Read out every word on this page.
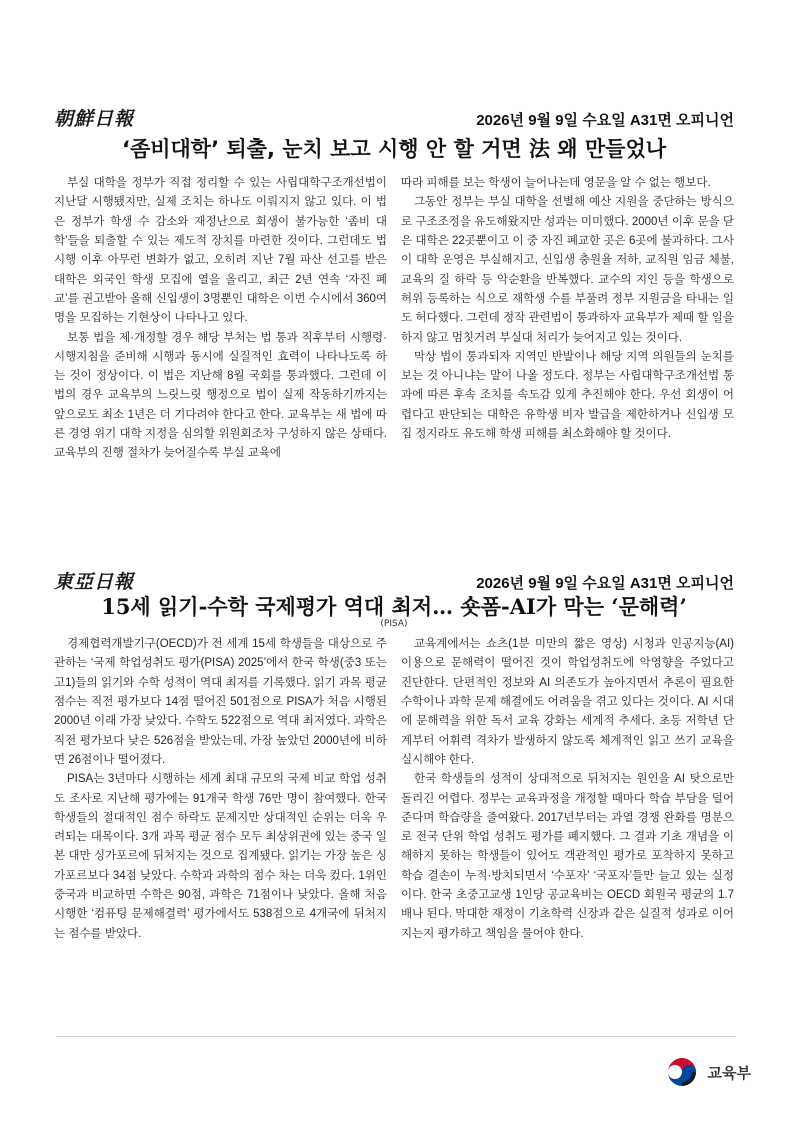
朝鮮日報	2026년 9월 9일 수요일 A31면 오피니언
‘좀비대학’ 퇴출, 눈치 보고 시행 안 할 거면 法 왜 만들었나

부실 대학을 정부가 직접 정리할 수 있는 사립대학구조개선법이 지난달 시행됐지만, 실제 조치는 하나도 이뤄지지 않고 있다. 이 법은 정부가 학생 수 감소와 재정난으로 회생이 불가능한 ‘좀비 대학’들을 퇴출할 수 있는 제도적 장치를 마련한 것이다. 그런데도 법 시행 이후 아무런 변화가 없고, 오히려 지난 7월 파산 선고를 받은 대학은 외국인 학생 모집에 열을 올리고, 최근 2년 연속 ‘자진 폐교’를 권고받아 올해 신입생이 3명뿐인 대학은 이번 수시에서 360여 명을 모집하는 기현상이 나타나고 있다.

보통 법을 제·개정할 경우 해당 부처는 법 통과 직후부터 시행령·시행지침을 준비해 시행과 동시에 실질적인 효력이 나타나도록 하는 것이 정상이다. 이 법은 지난해 8월 국회를 통과했다. 그런데 이 법의 경우 교육부의 느릿느릿 행정으로 법이 실제 작동하기까지는 앞으로도 최소 1년은 더 기다려야 한다고 한다. 교육부는 새 법에 따른 경영 위기 대학 지정을 심의할 위원회조차 구성하지 않은 상태다. 교육부의 진행 절차가 늦어질수록 부실 교육에

따라 피해를 보는 학생이 늘어나는데 영문을 알 수 없는 행보다.

그동안 정부는 부실 대학을 선별해 예산 지원을 중단하는 방식으로 구조조정을 유도해왔지만 성과는 미미했다. 2000년 이후 문을 닫은 대학은 22곳뿐이고 이 중 자진 폐교한 곳은 6곳에 불과하다. 그사이 대학 운영은 부실해지고, 신입생 충원율 저하, 교직원 임금 체불, 교육의 질 하락 등 악순환을 반복했다. 교수의 지인 등을 학생으로 허위 등록하는 식으로 재학생 수를 부풀려 정부 지원금을 타내는 일도 허다했다. 그런데 정작 관련법이 통과하자 교육부가 제때 할 일을 하지 않고 멈칫거려 부실대 처리가 늦어지고 있는 것이다.

막상 법이 통과되자 지역민 반발이나 해당 지역 의원들의 눈치를 보는 것 아니냐는 말이 나올 정도다. 정부는 사립대학구조개선법 통과에 따른 후속 조치를 속도감 있게 추진해야 한다. 우선 회생이 어렵다고 판단되는 대학은 유학생 비자 발급을 제한하거나 신입생 모집 정지라도 유도해 학생 피해를 최소화해야 할 것이다.

東亞日報	2026년 9월 9일 수요일 A31면 오피니언
15세 읽기-수학 국제평가 역대 최저… 숏폼-AI가 막는 ‘문해력’
(PISA)

경제협력개발기구(OECD)가 전 세계 15세 학생들을 대상으로 주관하는 ‘국제 학업성취도 평가(PISA) 2025’에서 한국 학생(중3 또는 고1)들의 읽기와 수학 성적이 역대 최저를 기록했다. 읽기 과목 평균 점수는 직전 평가보다 14점 떨어진 501점으로 PISA가 처음 시행된 2000년 이래 가장 낮았다. 수학도 522점으로 역대 최저였다. 과학은 직전 평가보다 낮은 526점을 받았는데, 가장 높았던 2000년에 비하면 26점이나 떨어졌다.

PISA는 3년마다 시행하는 세계 최대 규모의 국제 비교 학업 성취도 조사로 지난해 평가에는 91개국 학생 76만 명이 참여했다. 한국 학생들의 절대적인 점수 하락도 문제지만 상대적인 순위는 더욱 우려되는 대목이다. 3개 과목 평균 점수 모두 최상위권에 있는 중국 일본 대만 싱가포르에 뒤처지는 것으로 집계됐다. 읽기는 가장 높은 싱가포르보다 34점 낮았다. 수학과 과학의 점수 차는 더욱 컸다. 1위인 중국과 비교하면 수학은 90점, 과학은 71점이나 낮았다. 올해 처음 시행한 ‘컴퓨팅 문제해결력’ 평가에서도 538점으로 4개국에 뒤처지는 점수를 받았다.

교육계에서는 쇼츠(1분 미만의 짧은 영상) 시청과 인공지능(AI) 이용으로 문해력이 떨어진 것이 학업성취도에 악영향을 주었다고 진단한다. 단편적인 정보와 AI 의존도가 높아지면서 추론이 필요한 수학이나 과학 문제 해결에도 어려움을 겪고 있다는 것이다. AI 시대에 문해력을 위한 독서 교육 강화는 세계적 추세다. 초등 저학년 단계부터 어휘력 격차가 발생하지 않도록 체계적인 읽고 쓰기 교육을 실시해야 한다.

한국 학생들의 성적이 상대적으로 뒤처지는 원인을 AI 탓으로만 돌리긴 어렵다. 정부는 교육과정을 개정할 때마다 학습 부담을 덜어준다며 학습량을 줄여왔다. 2017년부터는 과열 경쟁 완화를 명분으로 전국 단위 학업 성취도 평가를 폐지했다. 그 결과 기초 개념을 이해하지 못하는 학생들이 있어도 객관적인 평가로 포착하지 못하고 학습 결손이 누적·방치되면서 ‘수포자’ ‘국포자’들만 늘고 있는 실정이다. 한국 초중고교생 1인당 공교육비는 OECD 회원국 평균의 1.7배나 된다. 막대한 재정이 기초학력 신장과 같은 실질적 성과로 이어지는지 평가하고 책임을 물어야 한다.

교육부
